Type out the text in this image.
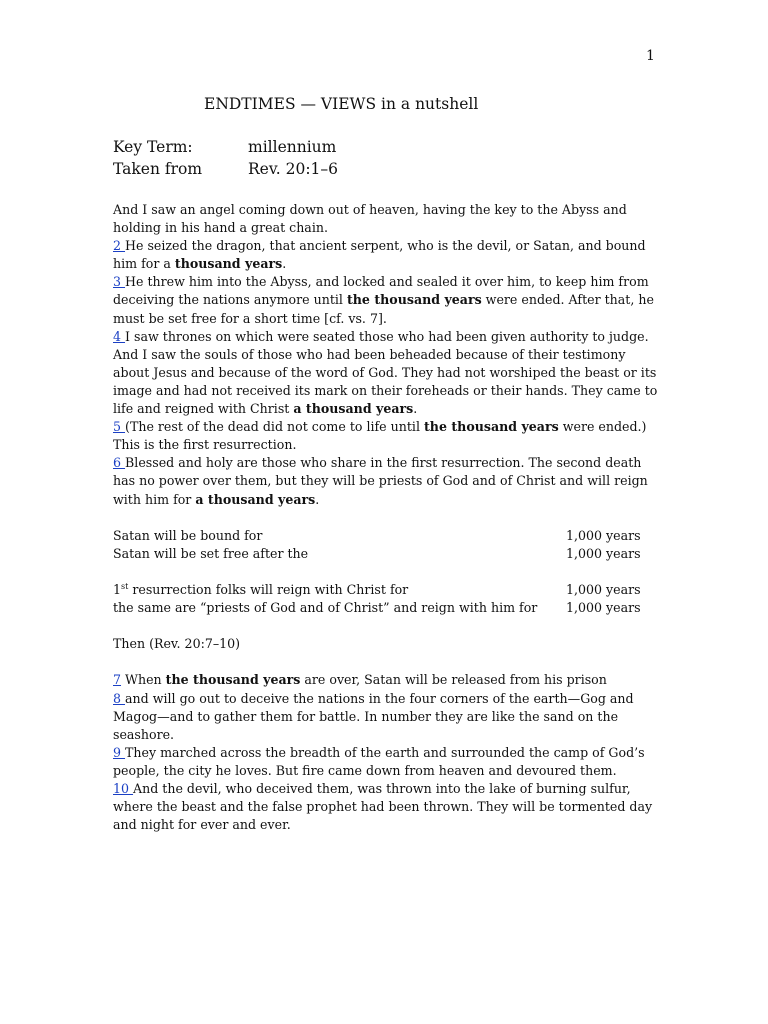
1
ENDTIMES — VIEWS in a nutshell
Key Term:	millennium
Taken from	Rev. 20:1–6

And I saw an angel coming down out of heaven, having the key to the Abyss and holding in his hand a great chain.

2 He seized the dragon, that ancient serpent, who is the devil, or Satan, and bound him for a thousand years.

3 He threw him into the Abyss, and locked and sealed it over him, to keep him from deceiving the nations anymore until the thousand years were ended. After that, he must be set free for a short time [cf. vs. 7].

4 I saw thrones on which were seated those who had been given authority to judge. And I saw the souls of those who had been beheaded because of their testimony about Jesus and because of the word of God. They had not worshiped the beast or its image and had not received its mark on their foreheads or their hands. They came to life and reigned with Christ a thousand years.

5 (The rest of the dead did not come to life until the thousand years were ended.) This is the first resurrection.

6 Blessed and holy are those who share in the first resurrection. The second death has no power over them, but they will be priests of God and of Christ and will reign with him for a thousand years.

Satan will be bound for	1,000 years
Satan will be set free after the	1,000 years
1st resurrection folks will reign with Christ for	1,000 years
the same are “priests of God and of Christ” and reign with him for 1,000 years

Then (Rev. 20:7–10)

7 When the thousand years are over, Satan will be released from his prison

8 and will go out to deceive the nations in the four corners of the earth—Gog and Magog—and to gather them for battle. In number they are like the sand on the seashore.

9 They marched across the breadth of the earth and surrounded the camp of God’s people, the city he loves. But fire came down from heaven and devoured them.

10 And the devil, who deceived them, was thrown into the lake of burning sulfur, where the beast and the false prophet had been thrown. They will be tormented day and night for ever and ever.
